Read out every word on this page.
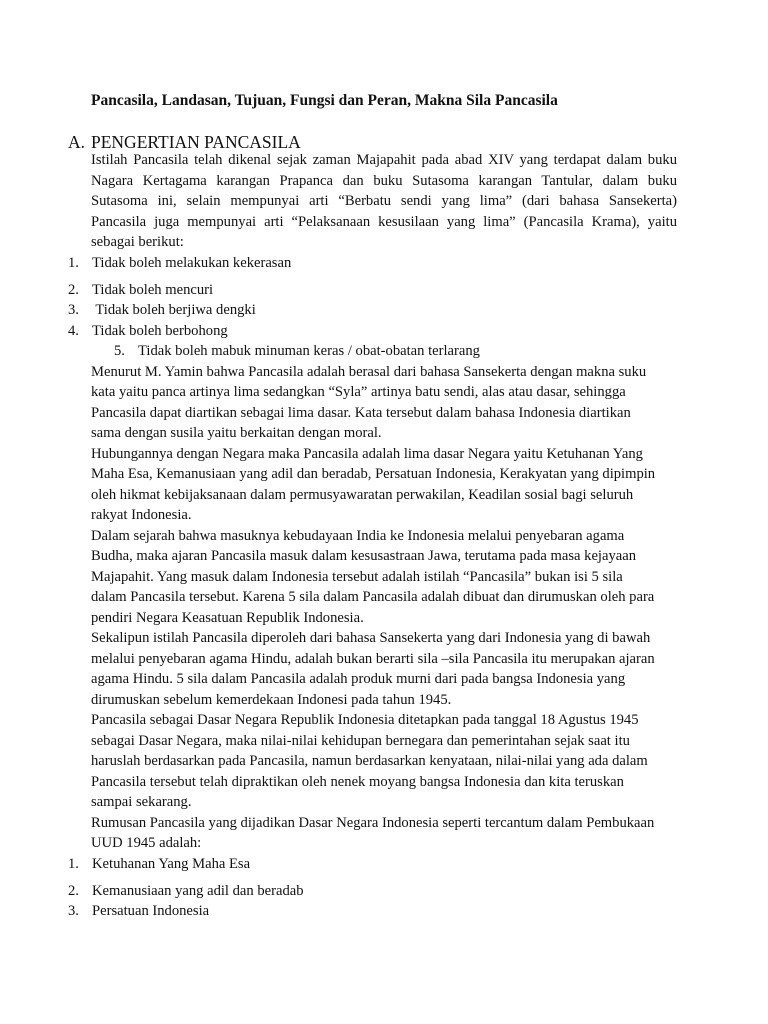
Pancasila, Landasan, Tujuan, Fungsi dan Peran, Makna Sila Pancasila
A. PENGERTIAN PANCASILA
Istilah Pancasila telah dikenal sejak zaman Majapahit pada abad XIV yang terdapat dalam buku
Nagara Kertagama karangan Prapanca dan buku Sutasoma karangan Tantular, dalam buku
Sutasoma ini, selain mempunyai arti “Berbatu sendi yang lima” (dari bahasa Sansekerta)
Pancasila juga mempunyai arti “Pelaksanaan kesusilaan yang lima” (Pancasila Krama), yaitu
sebagai berikut:
1. Tidak boleh melakukan kekerasan
2. Tidak boleh mencuri
3. Tidak boleh berjiwa dengki
4. Tidak boleh berbohong
5. Tidak boleh mabuk minuman keras / obat-obatan terlarang
Menurut M. Yamin bahwa Pancasila adalah berasal dari bahasa Sansekerta dengan makna suku
kata yaitu panca artinya lima sedangkan “Syla” artinya batu sendi, alas atau dasar, sehingga
Pancasila dapat diartikan sebagai lima dasar. Kata tersebut dalam bahasa Indonesia diartikan
sama dengan susila yaitu berkaitan dengan moral.
Hubungannya dengan Negara maka Pancasila adalah lima dasar Negara yaitu Ketuhanan Yang
Maha Esa, Kemanusiaan yang adil dan beradab, Persatuan Indonesia, Kerakyatan yang dipimpin
oleh hikmat kebijaksanaan dalam permusyawaratan perwakilan, Keadilan sosial bagi seluruh
rakyat Indonesia.
Dalam sejarah bahwa masuknya kebudayaan India ke Indonesia melalui penyebaran agama
Budha, maka ajaran Pancasila masuk dalam kesusastraan Jawa, terutama pada masa kejayaan
Majapahit. Yang masuk dalam Indonesia tersebut adalah istilah “Pancasila” bukan isi 5 sila
dalam Pancasila tersebut. Karena 5 sila dalam Pancasila adalah dibuat dan dirumuskan oleh para
pendiri Negara Keasatuan Republik Indonesia.
Sekalipun istilah Pancasila diperoleh dari bahasa Sansekerta yang dari Indonesia yang di bawah
melalui penyebaran agama Hindu, adalah bukan berarti sila –sila Pancasila itu merupakan ajaran
agama Hindu. 5 sila dalam Pancasila adalah produk murni dari pada bangsa Indonesia yang
dirumuskan sebelum kemerdekaan Indonesi pada tahun 1945.
Pancasila sebagai Dasar Negara Republik Indonesia ditetapkan pada tanggal 18 Agustus 1945
sebagai Dasar Negara, maka nilai-nilai kehidupan bernegara dan pemerintahan sejak saat itu
haruslah berdasarkan pada Pancasila, namun berdasarkan kenyataan, nilai-nilai yang ada dalam
Pancasila tersebut telah dipraktikan oleh nenek moyang bangsa Indonesia dan kita teruskan
sampai sekarang.
Rumusan Pancasila yang dijadikan Dasar Negara Indonesia seperti tercantum dalam Pembukaan
UUD 1945 adalah:
1. Ketuhanan Yang Maha Esa
2. Kemanusiaan yang adil dan beradab
3. Persatuan Indonesia
